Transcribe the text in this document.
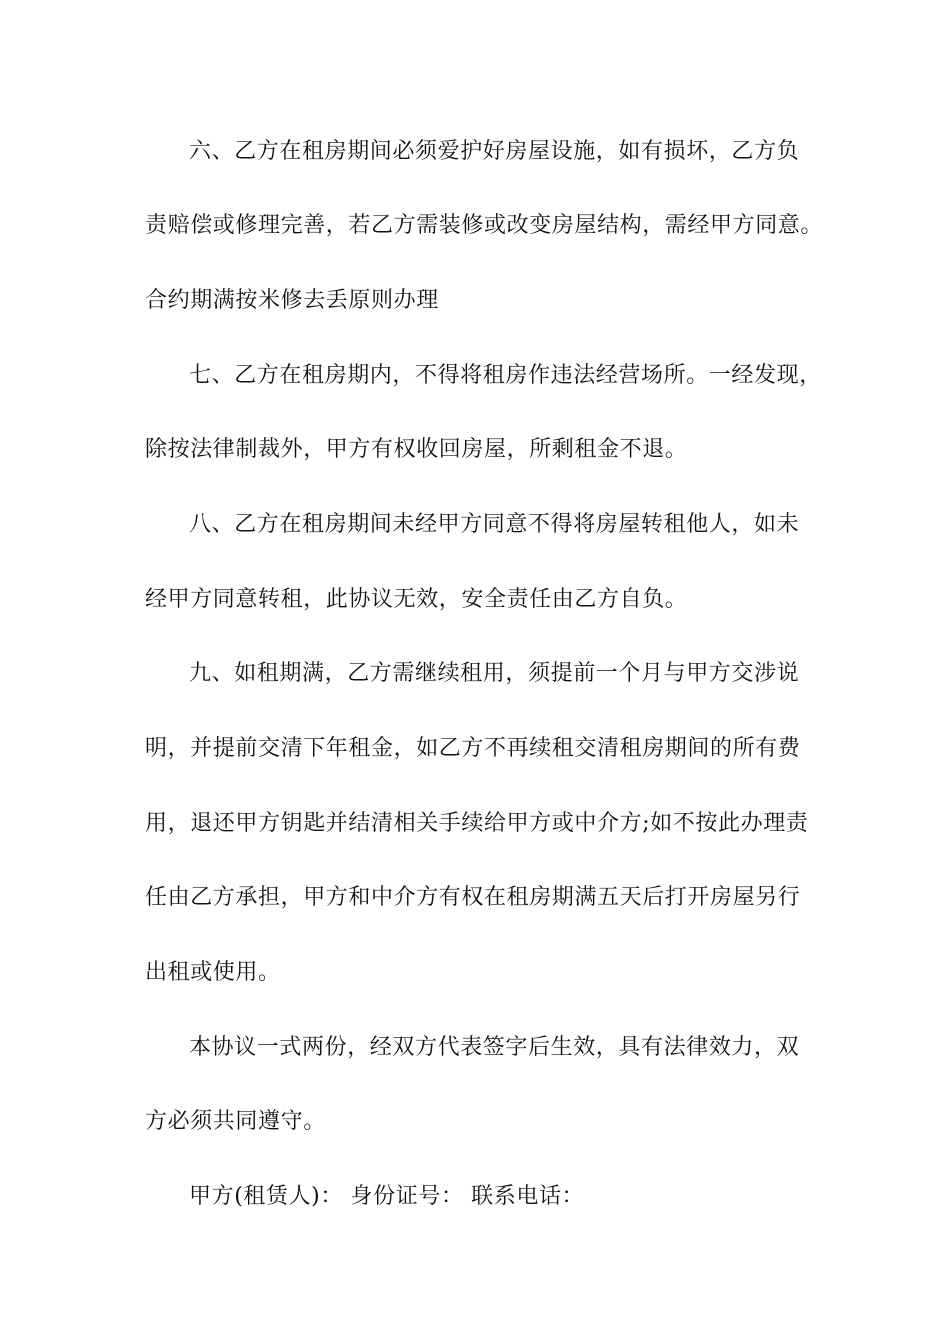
六、乙方在租房期间必须爱护好房屋设施，如有损坏，乙方负
责赔偿或修理完善，若乙方需装修或改变房屋结构，需经甲方同意。
合约期满按米修去丢原则办理
七、乙方在租房期内，不得将租房作违法经营场所。一经发现，
除按法律制裁外，甲方有权收回房屋，所剩租金不退。
八、乙方在租房期间未经甲方同意不得将房屋转租他人，如未
经甲方同意转租，此协议无效，安全责任由乙方自负。
九、如租期满，乙方需继续租用，须提前一个月与甲方交涉说
明，并提前交清下年租金，如乙方不再续租交清租房期间的所有费
用，退还甲方钥匙并结清相关手续给甲方或中介方;如不按此办理责
任由乙方承担，甲方和中介方有权在租房期满五天后打开房屋另行
出租或使用。
本协议一式两份，经双方代表签字后生效，具有法律效力，双
方必须共同遵守。
甲方(租赁人)： 身份证号： 联系电话：
